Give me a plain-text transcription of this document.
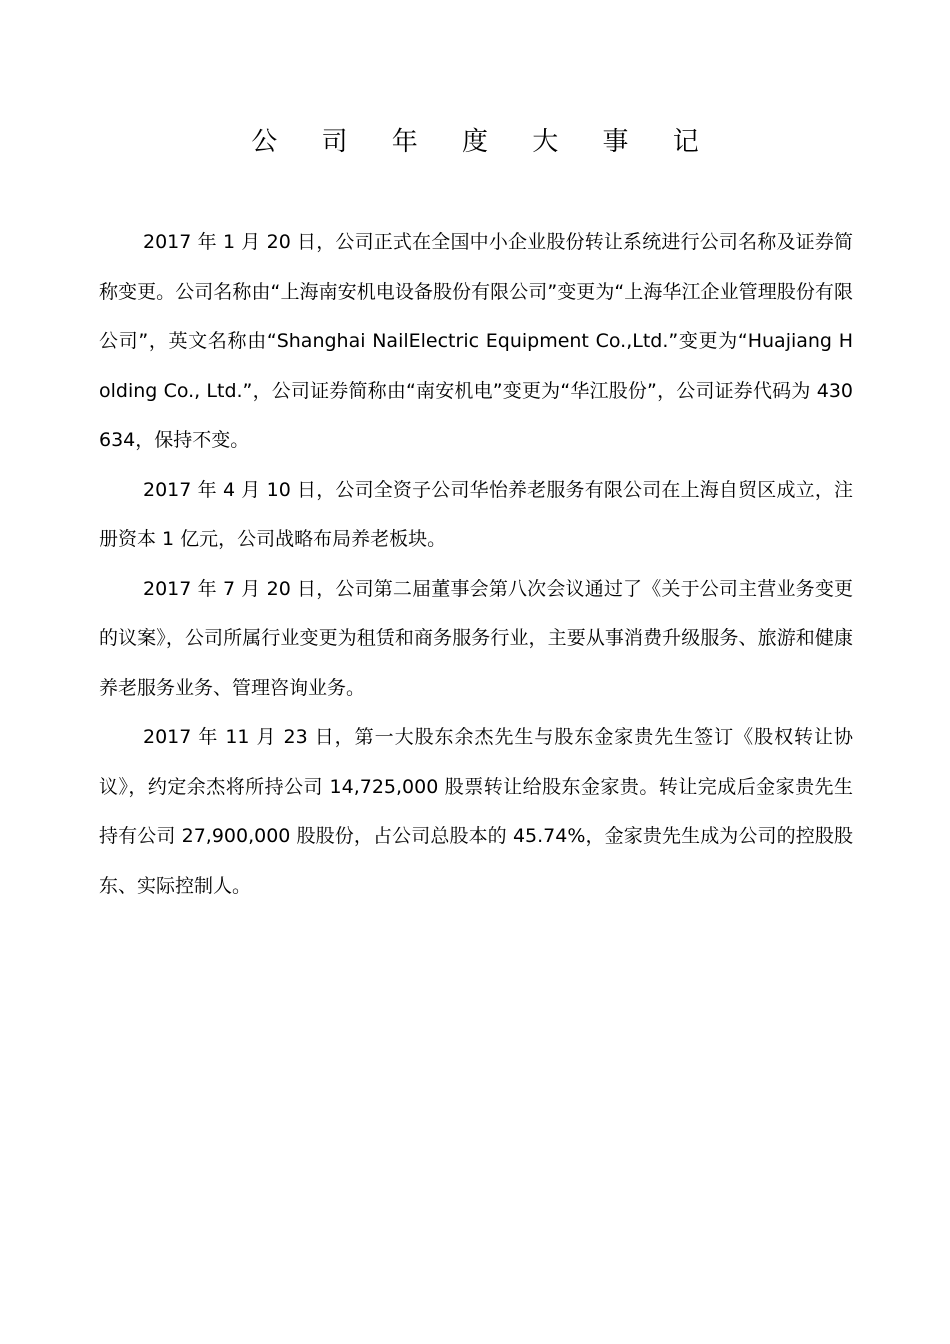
公 司 年 度 大 事 记

2017 年 1 月 20 日，公司正式在全国中小企业股份转让系统进行公司名称及证券简称变更。公司名称由“上海南安机电设备股份有限公司”变更为“上海华江企业管理股份有限公司”，英文名称由“Shanghai NailElectric Equipment Co.,Ltd.”变更为“Huajiang Holding Co., Ltd.”，公司证券简称由“南安机电”变更为“华江股份”，公司证券代码为 430634，保持不变。

2017 年 4 月 10 日，公司全资子公司华怡养老服务有限公司在上海自贸区成立，注册资本 1 亿元，公司战略布局养老板块。

2017 年 7 月 20 日，公司第二届董事会第八次会议通过了《关于公司主营业务变更的议案》，公司所属行业变更为租赁和商务服务行业，主要从事消费升级服务、旅游和健康养老服务业务、管理咨询业务。

2017 年 11 月 23 日，第一大股东余杰先生与股东金家贵先生签订《股权转让协议》，约定余杰将所持公司 14,725,000 股票转让给股东金家贵。转让完成后金家贵先生持有公司 27,900,000 股股份，占公司总股本的 45.74%，金家贵先生成为公司的控股股东、实际控制人。
